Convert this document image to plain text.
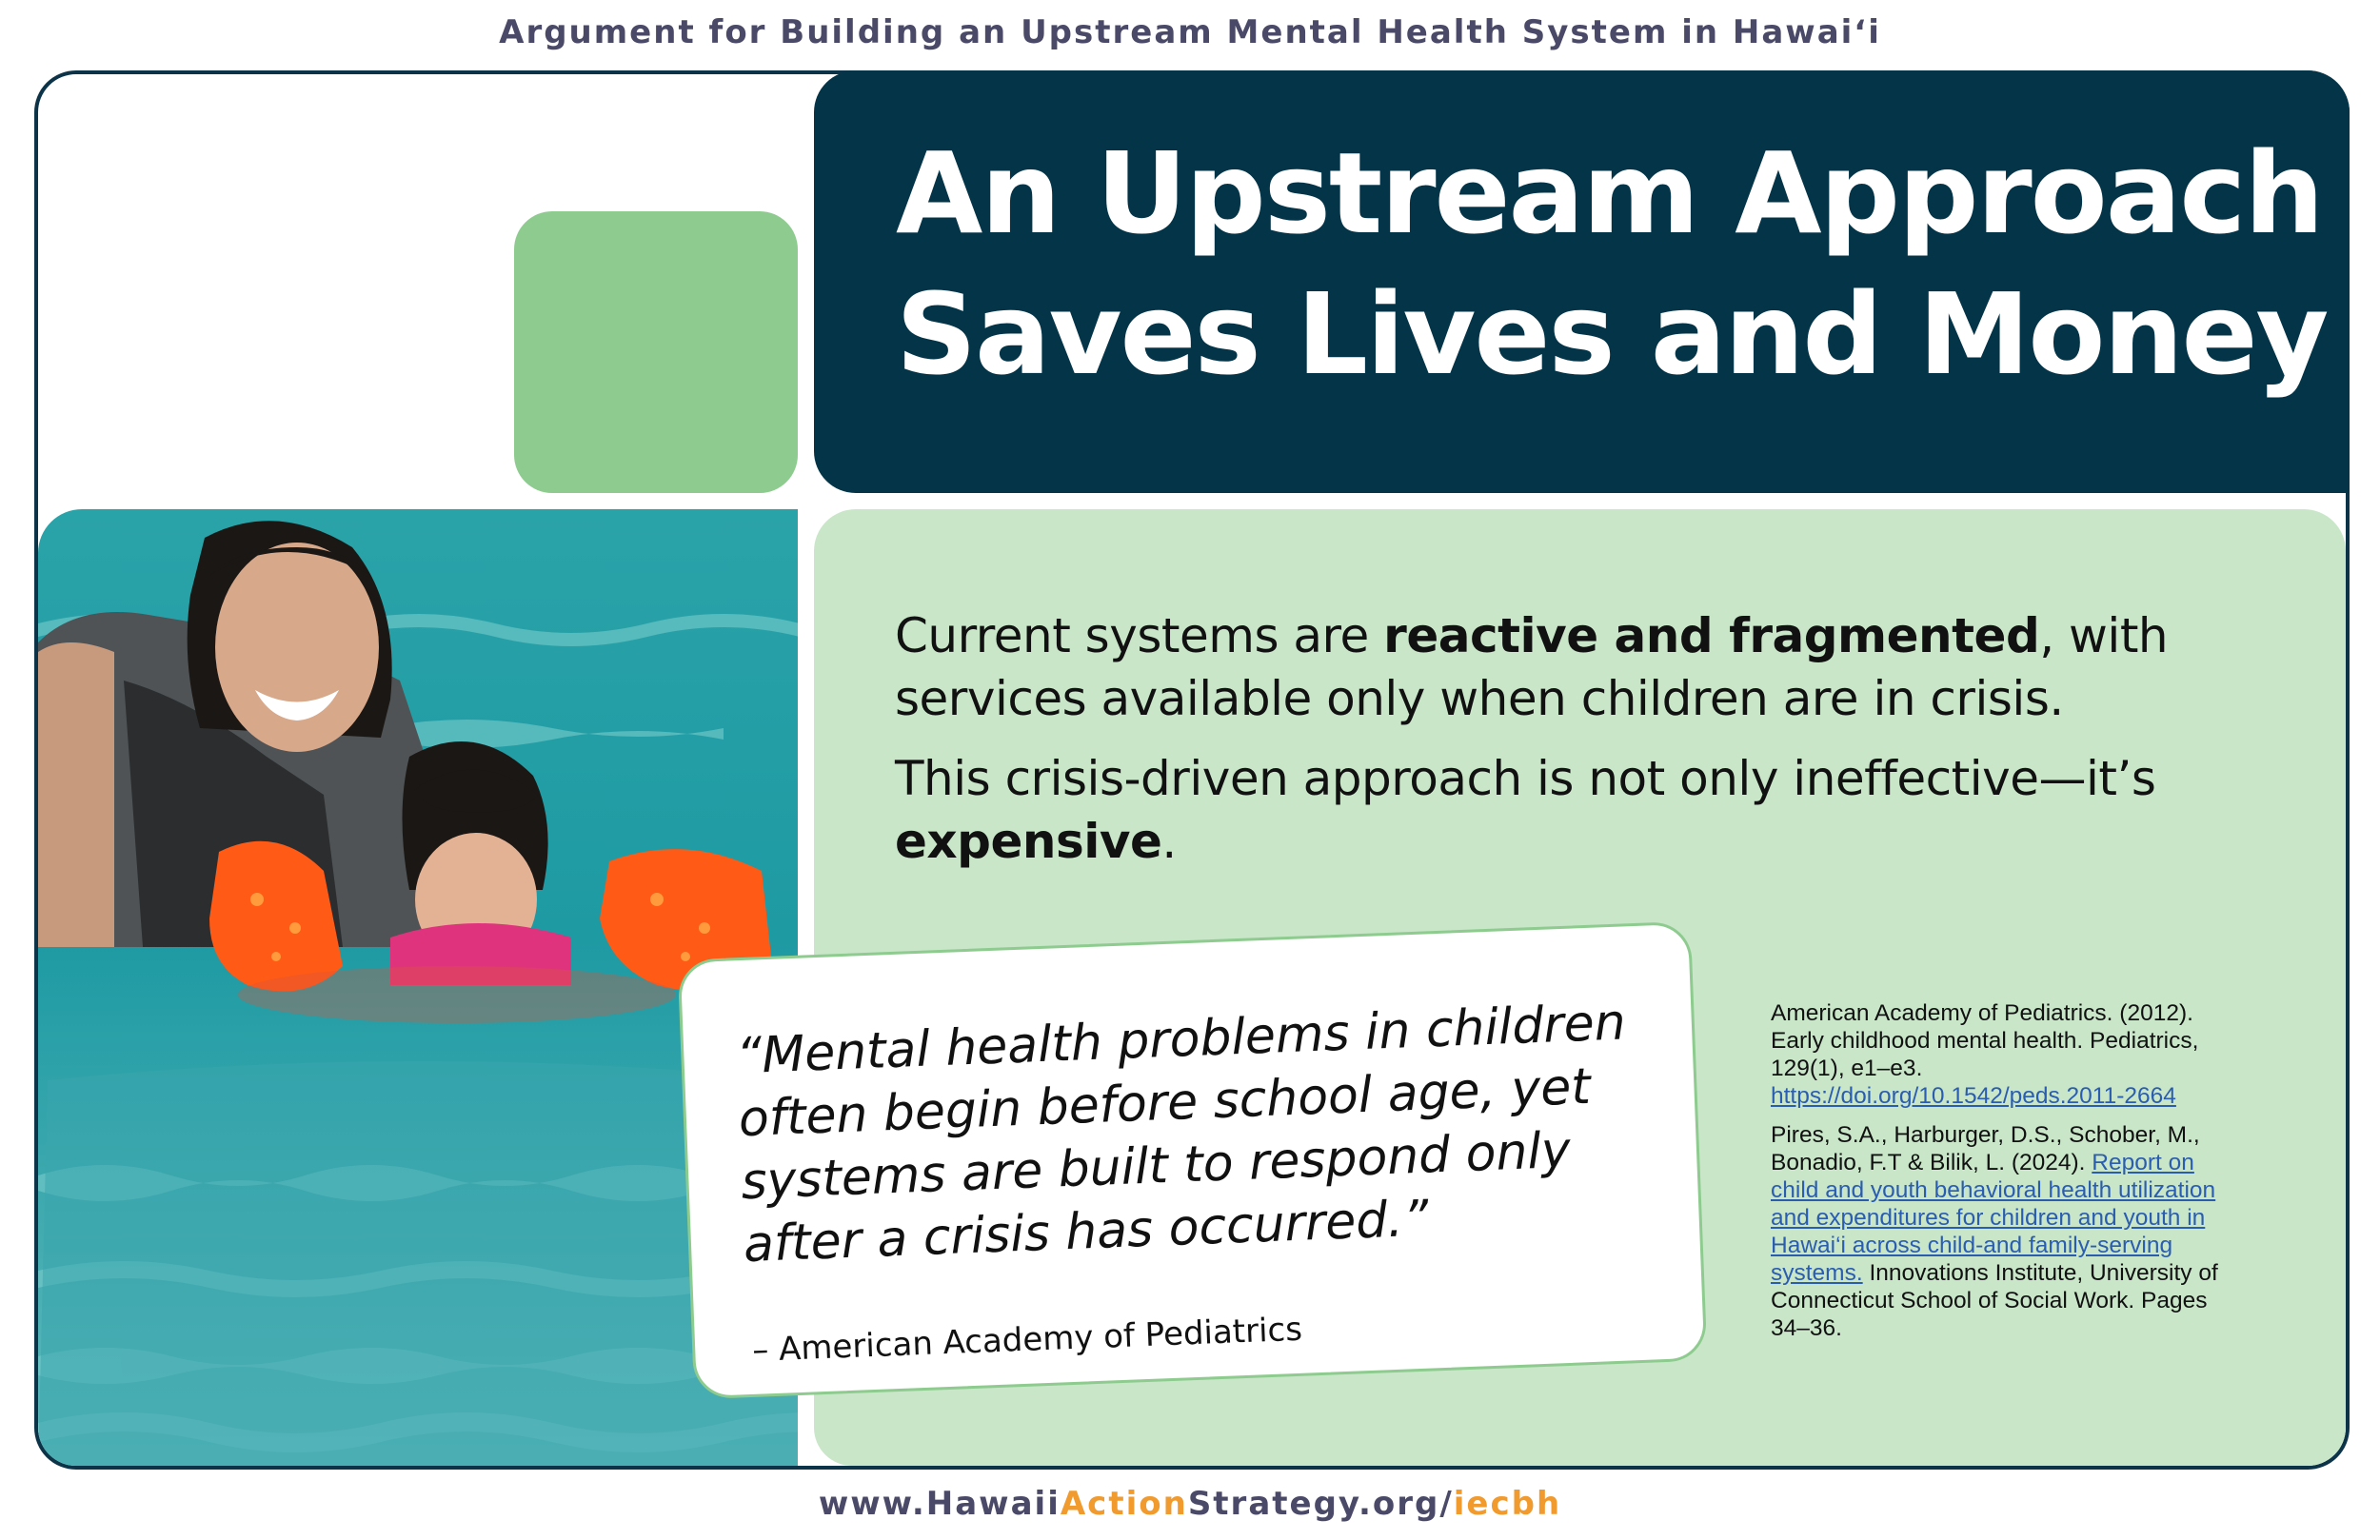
Argument for Building an Upstream Mental Health System in Hawai‘i
An Upstream Approach
Saves Lives and Money
Current systems are reactive and fragmented, with services available only when children are in crisis.
This crisis-driven approach is not only ineffective—it’s expensive.
“Mental health problems in children often begin before school age, yet systems are built to respond only after a crisis has occurred.”
– American Academy of Pediatrics

American Academy of Pediatrics. (2012). Early childhood mental health. Pediatrics, 129(1), e1–e3. https://doi.org/10.1542/peds.2011-2664

Pires, S.A., Harburger, D.S., Schober, M., Bonadio, F.T & Bilik, L. (2024). Report on child and youth behavioral health utilization and expenditures for children and youth in Hawai‘i across child-and family-serving systems. Innovations Institute, University of Connecticut School of Social Work. Pages 34–36.

www.HawaiiActionStrategy.org/iecbh
